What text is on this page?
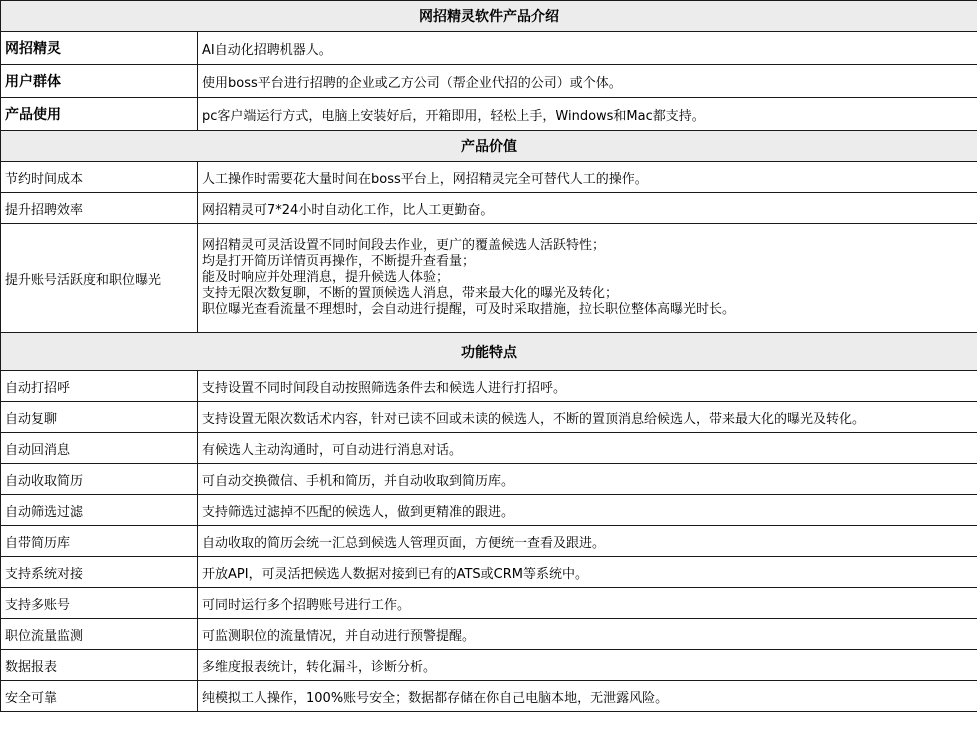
网招精灵软件产品介绍	
网招精灵	AI自动化招聘机器人。
用户群体	使用boss平台进行招聘的企业或乙方公司（帮企业代招的公司）或个体。
产品使用	pc客户端运行方式，电脑上安装好后，开箱即用，轻松上手，Windows和Mac都支持。
产品价值	
节约时间成本	人工操作时需要花大量时间在boss平台上，网招精灵完全可替代人工的操作。
提升招聘效率	网招精灵可7*24小时自动化工作，比人工更勤奋。
提升账号活跃度和职位曝光	网招精灵可灵活设置不同时间段去作业，更广的覆盖候选人活跃特性；
均是打开简历详情页再操作，不断提升查看量；
能及时响应并处理消息，提升候选人体验；
支持无限次数复聊，不断的置顶候选人消息，带来最大化的曝光及转化；
职位曝光查看流量不理想时，会自动进行提醒，可及时采取措施，拉长职位整体高曝光时长。

功能特点	
自动打招呼	支持设置不同时间段自动按照筛选条件去和候选人进行打招呼。
自动复聊	支持设置无限次数话术内容，针对已读不回或未读的候选人，不断的置顶消息给候选人，带来最大化的曝光及转化。
自动回消息	有候选人主动沟通时，可自动进行消息对话。
自动收取简历	可自动交换微信、手机和简历，并自动收取到简历库。
自动筛选过滤	支持筛选过滤掉不匹配的候选人，做到更精准的跟进。
自带简历库	自动收取的简历会统一汇总到候选人管理页面，方便统一查看及跟进。
支持系统对接	开放API，可灵活把候选人数据对接到已有的ATS或CRM等系统中。
支持多账号	可同时运行多个招聘账号进行工作。
职位流量监测	可监测职位的流量情况，并自动进行预警提醒。
数据报表	多维度报表统计，转化漏斗，诊断分析。
安全可靠	纯模拟工人操作，100%账号安全；数据都存储在你自己电脑本地，无泄露风险。
